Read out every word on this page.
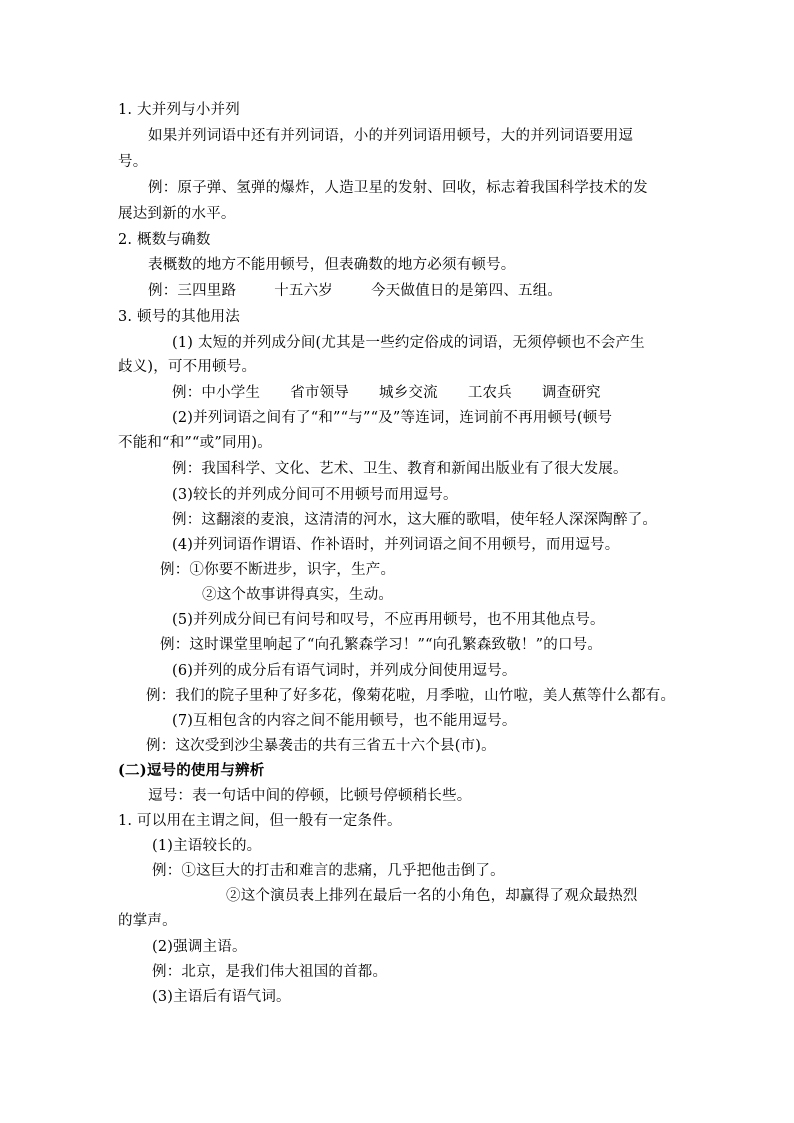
1. 大并列与小并列
如果并列词语中还有并列词语，小的并列词语用顿号，大的并列词语要用逗
号。
例：原子弹、氢弹的爆炸，人造卫星的发射、回收，标志着我国科学技术的发
展达到新的水平。
2. 概数与确数
表概数的地方不能用顿号，但表确数的地方必须有顿号。
例：三四里路	十五六岁	今天做值日的是第四、五组。
3. 顿号的其他用法
(1) 太短的并列成分间(尤其是一些约定俗成的词语，无须停顿也不会产生
歧义)，可不用顿号。
例：中小学生 省市领导 城乡交流 工农兵 调查研究
(2)并列词语之间有了“和”“与”“及”等连词，连词前不再用顿号(顿号
不能和“和”“或”同用)。
例：我国科学、文化、艺术、卫生、教育和新闻出版业有了很大发展。
(3)较长的并列成分间可不用顿号而用逗号。
例：这翻滚的麦浪，这清清的河水，这大雁的歌唱，使年轻人深深陶醉了。
(4)并列词语作谓语、作补语时，并列词语之间不用顿号，而用逗号。
例：①你要不断进步，识字，生产。
②这个故事讲得真实，生动。
(5)并列成分间已有问号和叹号，不应再用顿号，也不用其他点号。
例：这时课堂里响起了“向孔繁森学习！”“向孔繁森致敬！”的口号。
(6)并列的成分后有语气词时，并列成分间使用逗号。
例：我们的院子里种了好多花，像菊花啦，月季啦，山竹啦，美人蕉等什么都有。
(7)互相包含的内容之间不能用顿号，也不能用逗号。
例：这次受到沙尘暴袭击的共有三省五十六个县(市)。
(二)逗号的使用与辨析
逗号：表一句话中间的停顿，比顿号停顿稍长些。
1. 可以用在主谓之间，但一般有一定条件。
(1)主语较长的。
例：①这巨大的打击和难言的悲痛，几乎把他击倒了。
②这个演员表上排列在最后一名的小角色，却赢得了观众最热烈
的掌声。
(2)强调主语。
例：北京，是我们伟大祖国的首都。
(3)主语后有语气词。
